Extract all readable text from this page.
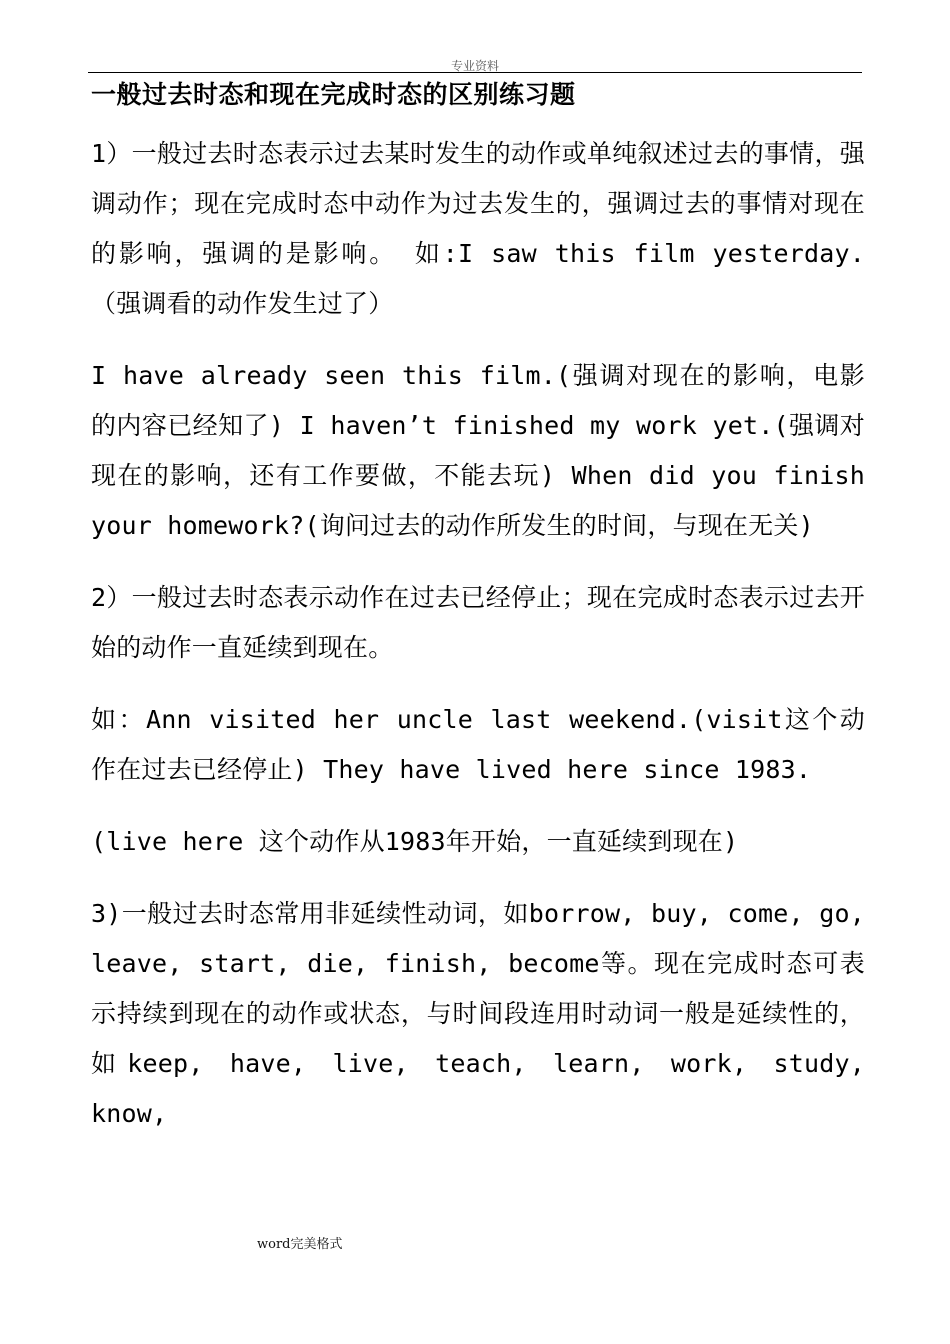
专业资料
一般过去时态和现在完成时态的区别练习题

1）一般过去时态表示过去某时发生的动作或单纯叙述过去的事情，强调动作；现在完成时态中动作为过去发生的，强调过去的事情对现在的影响，强调的是影响。 如:I saw this film yesterday. （强调看的动作发生过了）

I have already seen this film.(强调对现在的影响，电影的内容已经知了) I haven’t finished my work yet.(强调对现在的影响，还有工作要做，不能去玩) When did you finish your homework?(询问过去的动作所发生的时间，与现在无关)

2）一般过去时态表示动作在过去已经停止；现在完成时态表示过去开始的动作一直延续到现在。

如：Ann visited her uncle last weekend.(visit这个动作在过去已经停止) They have lived here since 1983.

(live here 这个动作从1983年开始，一直延续到现在)

3)一般过去时态常用非延续性动词，如borrow, buy, come, go, leave, start, die, finish, become等。现在完成时态可表示持续到现在的动作或状态，与时间段连用时动词一般是延续性的，如keep, have, live, teach, learn, work, study, know,

word完美格式
